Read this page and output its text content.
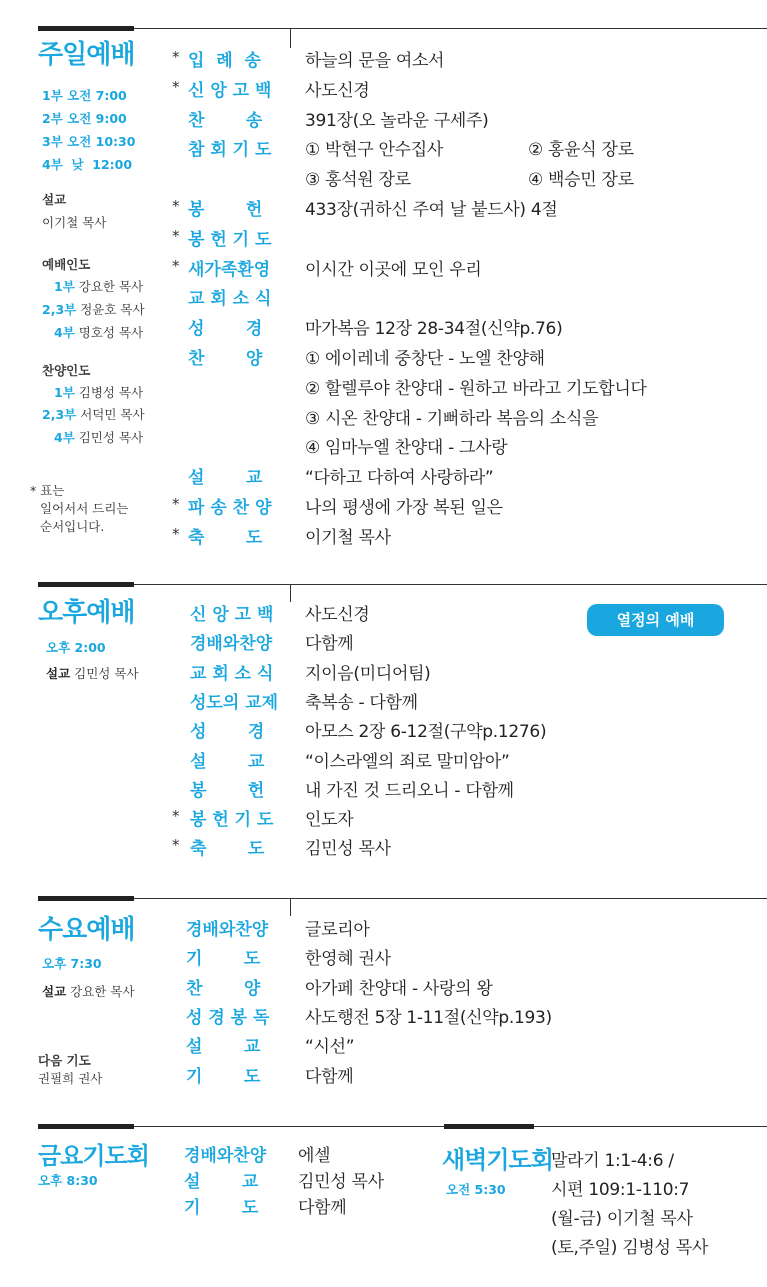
주일예배
1부 오전 7:00
2부 오전 9:00
3부 오전 10:30
4부  낮  12:00
설교
이기철 목사
예배인도
1부 강요한 목사
2,3부 정윤호 목사
4부 명호성 목사
찬양인도
1부 김병성 목사
2,3부 서덕민 목사
4부 김민성 목사
* 표는
일어서서 드리는
순서입니다.
* 입  례  송	하늘의 문을 여소서
* 신 앙 고 백 사도신경
찬       송	391장(오 놀라운 구세주)
참 회 기 도 ① 박현구 안수집사	② 홍윤식 장로
③ 홍석원 장로	④ 백승민 장로
* 봉       헌	433장(귀하신 주여 날 붙드사) 4절
* 봉 헌 기 도
* 새가족환영 이시간 이곳에 모인 우리
교 회 소 식
성       경	마가복음 12장 28-34절(신약p.76)
찬       양	① 에이레네 중창단 - 노엘 찬양해
② 할렐루야 찬양대 - 원하고 바라고 기도합니다
③ 시온 찬양대 - 기뻐하라 복음의 소식을
④ 임마누엘 찬양대 - 그사랑
설       교	“다하고 다하여 사랑하라”
* 파 송 찬 양 나의 평생에 가장 복된 일은
* 축       도	이기철 목사
오후예배
오후 2:00
설교 김민성 목사
열정의 예배
신 앙 고 백 사도신경
경배와찬양 다함께
교 회 소 식 지이음(미디어팀)
성도의 교제 축복송 - 다함께
성       경 아모스 2장 6-12절(구약p.1276)
설       교 “이스라엘의 죄로 말미암아”
봉       헌 내 가진 것 드리오니 - 다함께
* 봉 헌 기 도 인도자
* 축       도 김민성 목사
수요예배
오후 7:30
설교 강요한 목사
다음 기도
권필희 권사
경배와찬양 글로리아
기       도	한영혜 권사
찬       양	아가페 찬양대 - 사랑의 왕
성 경 봉 독 사도행전 5장 1-11절(신약p.193)
설       교	“시선”
기       도	다함께
금요기도회
오후 8:30
경배와찬양 에셀
설       교 김민성 목사
기       도 다함께
새벽기도회
오전 5:30
말라기 1:1-4:6 /
시편 109:1-110:7
(월-금) 이기철 목사
(토,주일) 김병성 목사
